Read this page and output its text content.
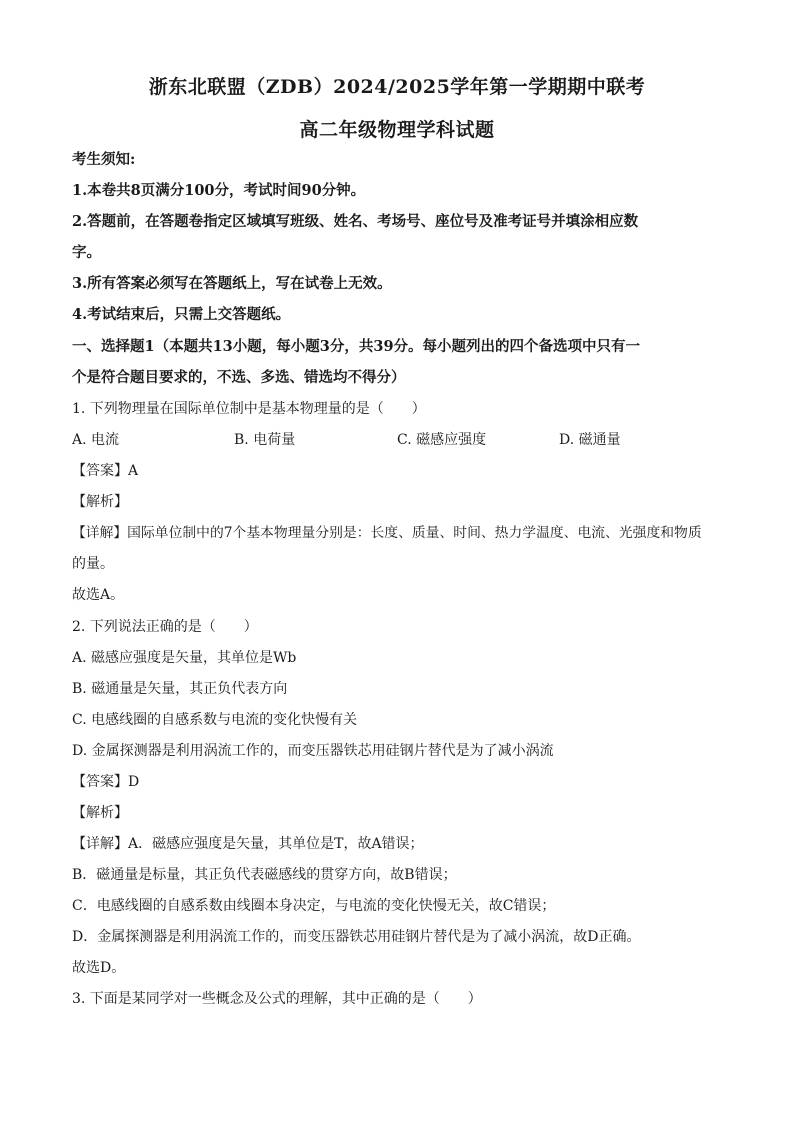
浙东北联盟（ZDB）2024/2025学年第一学期期中联考
高二年级物理学科试题
考生须知:
1.本卷共8页满分100分，考试时间90分钟。
2.答题前，在答题卷指定区域填写班级、姓名、考场号、座位号及准考证号并填涂相应数
字。
3.所有答案必须写在答题纸上，写在试卷上无效。
4.考试结束后，只需上交答题纸。
一、选择题1（本题共13小题，每小题3分，共39分。每小题列出的四个备选项中只有一
个是符合题目要求的，不选、多选、错选均不得分）
1. 下列物理量在国际单位制中是基本物理量的是（　　）
A. 电流	B. 电荷量	C. 磁感应强度	D. 磁通量
【答案】A
【解析】
【详解】国际单位制中的7个基本物理量分别是：长度、质量、时间、热力学温度、电流、光强度和物质
的量。
故选A。
2. 下列说法正确的是（　　）
A. 磁感应强度是矢量，其单位是Wb
B. 磁通量是矢量，其正负代表方向
C. 电感线圈的自感系数与电流的变化快慢有关
D. 金属探测器是利用涡流工作的，而变压器铁芯用硅钢片替代是为了减小涡流
【答案】D
【解析】
【详解】A．磁感应强度是矢量，其单位是T，故A错误；
B．磁通量是标量，其正负代表磁感线的贯穿方向，故B错误；
C．电感线圈的自感系数由线圈本身决定，与电流的变化快慢无关，故C错误；
D．金属探测器是利用涡流工作的，而变压器铁芯用硅钢片替代是为了减小涡流，故D正确。
故选D。
3. 下面是某同学对一些概念及公式的理解，其中正确的是（　　）
